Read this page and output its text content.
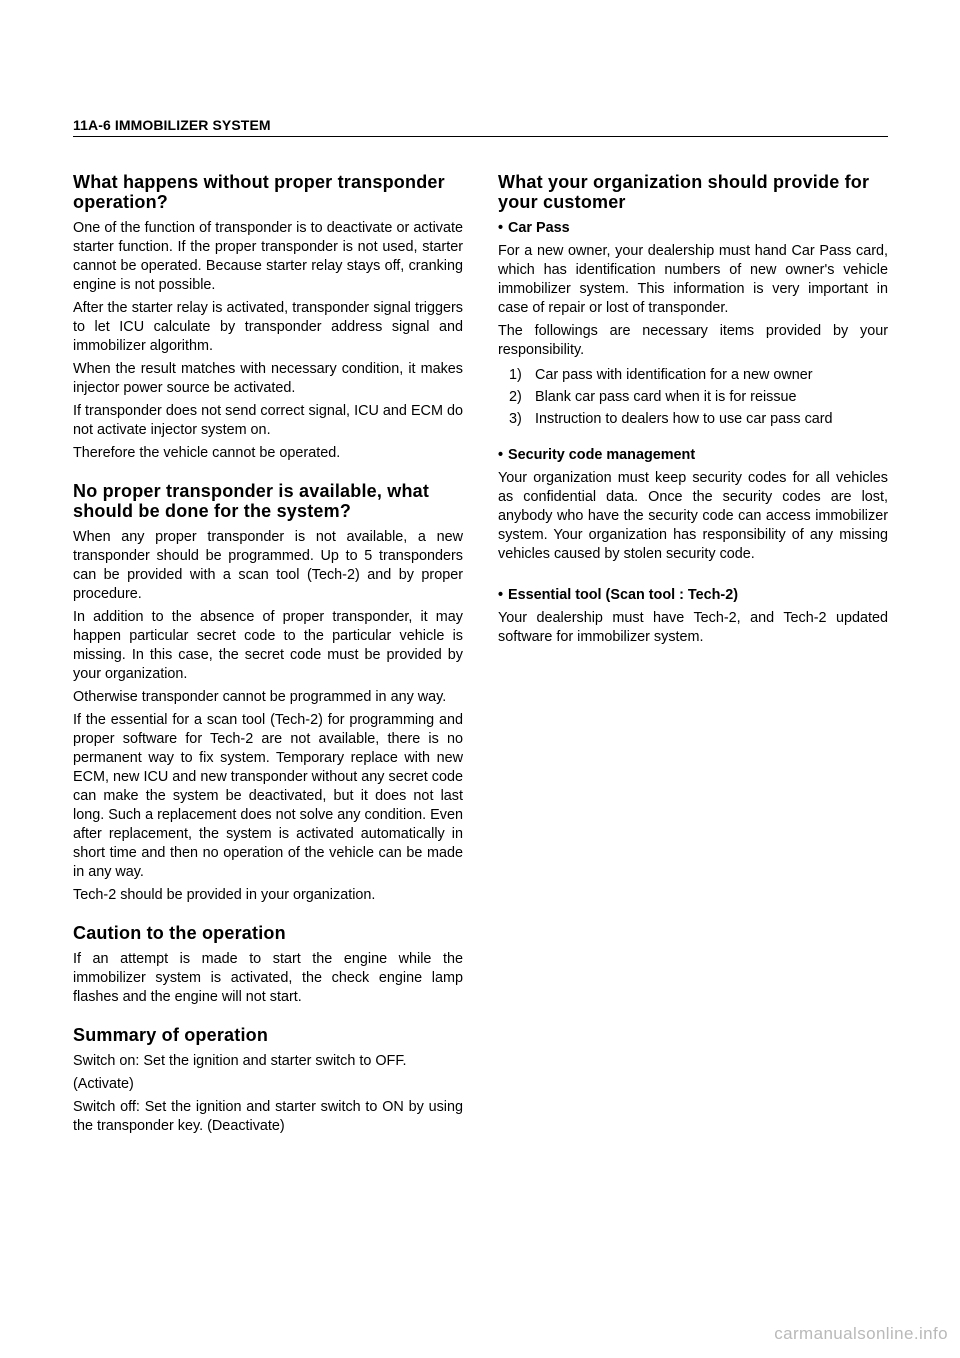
11A-6 IMMOBILIZER SYSTEM
What happens without proper transponder operation?

One of the function of transponder is to deactivate or activate starter function. If the proper transponder is not used, starter cannot be operated. Because starter relay stays off, cranking engine is not possible.

After the starter relay is activated, transponder signal triggers to let ICU calculate by transponder address signal and immobilizer algorithm.

When the result matches with necessary condition, it makes injector power source be activated.

If transponder does not send correct signal, ICU and ECM do not activate injector system on.

Therefore the vehicle cannot be operated.

No proper transponder is available, what should be done for the system?

When any proper transponder is not available, a new transponder should be programmed. Up to 5 transponders can be provided with a scan tool (Tech-2) and by proper procedure.

In addition to the absence of proper transponder, it may happen particular secret code to the particular vehicle is missing. In this case, the secret code must be provided by your organization.

Otherwise transponder cannot be programmed in any way.

If the essential for a scan tool (Tech-2) for programming and proper software for Tech-2 are not available, there is no permanent way to fix system. Temporary replace with new ECM, new ICU and new transponder without any secret code can make the system be deactivated, but it does not last long. Such a replacement does not solve any condition. Even after replacement, the system is activated automatically in short time and then no operation of the vehicle can be made in any way.

Tech-2 should be provided in your organization.

Caution to the operation

If an attempt is made to start the engine while the immobilizer system is activated, the check engine lamp flashes and the engine will not start.

Summary of operation

Switch on: Set the ignition and starter switch to OFF.

(Activate)

Switch off: Set the ignition and starter switch to ON by using the transponder key. (Deactivate)

What your organization should provide for your customer
• Car Pass

For a new owner, your dealership must hand Car Pass card, which has identification numbers of new owner's vehicle immobilizer system. This information is very important in case of repair or lost of transponder.

The followings are necessary items provided by your responsibility.

1) Car pass with identification for a new owner
2) Blank car pass card when it is for reissue
3) Instruction to dealers how to use car pass card
• Security code management

Your organization must keep security codes for all vehicles as confidential data. Once the security codes are lost, anybody who have the security code can access immobilizer system. Your organization has responsibility of any missing vehicles caused by stolen security code.

• Essential tool (Scan tool : Tech-2)

Your dealership must have Tech-2, and Tech-2 updated software for immobilizer system.

carmanualsonline.info
